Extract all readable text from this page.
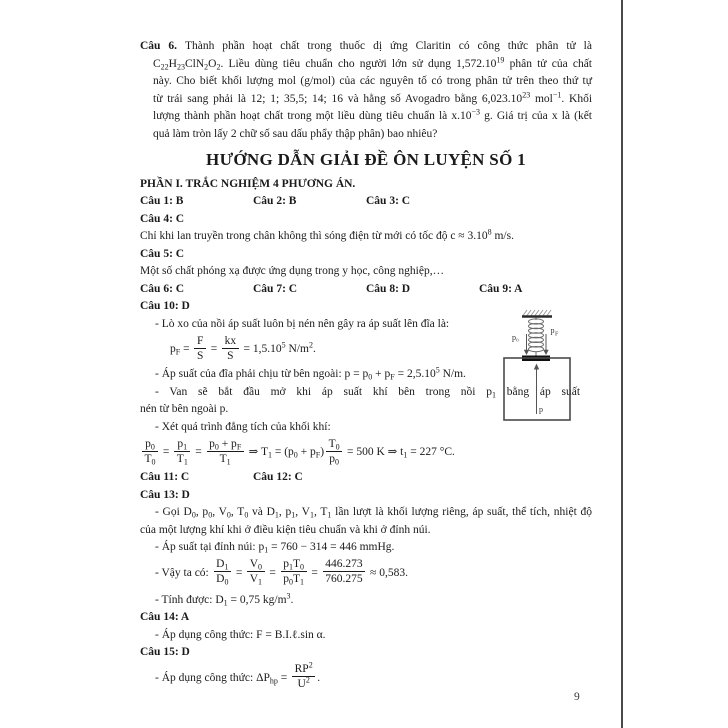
Câu 6. Thành phần hoạt chất trong thuốc dị ứng Claritin có công thức phân tử là
$C_{22}H_{23}ClN_2O_2$. Liều dùng tiêu chuẩn cho người lớn sử dụng 1,572.10$^{19}$ phân tử của chất
này. Cho biết khối lượng mol (g/mol) của các nguyên tố có trong phân tử trên theo thứ tự
từ trái sang phải là 12; 1; 35,5; 14; 16 và hằng số Avogadro bằng 6,023.10$^{23}$ mol$^{-1}$. Khối
lượng thành phần hoạt chất trong một liều dùng tiêu chuẩn là $x.10^{-3}$ g. Giá trị của x là (kết
quả làm tròn lấy 2 chữ số sau dấu phẩy thập phân) bao nhiêu?
HƯỚNG DẪN GIẢI ĐỀ ÔN LUYỆN SỐ 1
PHẦN I. TRẮC NGHIỆM 4 PHƯƠNG ÁN.
Câu 1: B	Câu 2: B	Câu 3: C
Câu 4: C
Chỉ khi lan truyền trong chân không thì sóng điện từ mới có tốc độ $c \approx 3.10^8$ m/s.
Câu 5: C
Một số chất phóng xạ được ứng dụng trong y học, công nghiệp,…
Câu 6: C	Câu 7: C	Câu 8: D	Câu 9: A
Câu 10: D
- Lò xo của nồi áp suất luôn bị nén nên gây ra áp suất lên đĩa là:
$p_F = \frac{F}{S} = \frac{kx}{S} = 1,5.10^5$ $N/m^2$.
- Áp suất của đĩa phải chịu từ bên ngoài: $p = p_0 + p_F = 2,5.10^5$ N/m.
- Van sẽ bắt đầu mở khi áp suất khí bên trong nồi $p_1$ bằng áp suất
nén từ bên ngoài p.
- Xét quá trình đẳng tích của khối khí:
$\frac{p_0}{T_0} = \frac{p_1}{T_1} = \frac{p_0 + p_F}{T_1}$ ⇒ $T_1 = (p_0 + p_F) \frac{T_0}{p_0} = 500$ K ⇒ $t_1 = 227$ °C.
Câu 11: C	Câu 12: C
Câu 13: D
- Gọi $D_0$, $p_0$, $V_0$, $T_0$ và $D_1$, $p_1$, $V_1$, $T_1$ lần lượt là khối lượng riêng, áp suất, thể tích, nhiệt độ
của một lượng khí khi ở điều kiện tiêu chuẩn và khi ở đỉnh núi.
- Áp suất tại đỉnh núi: $p_1 = 760 - 314 = 446$ mmHg.
- Vậy ta có: $\frac{D_1}{D_0} = \frac{V_0}{V_1} = \frac{p_1T_0}{p_0T_1} = \frac{446.273}{760.275} \approx 0,583$.
- Tính được: $D_1 = 0,75$ $kg/m^3$.
Câu 14: A
- Áp dụng công thức: F = B.I.ℓ.sin α.
Câu 15: D
- Áp dụng công thức: $\Delta P_{hp} = \frac{RP^2}{U^2}$ .
p₀
p F
p
9
